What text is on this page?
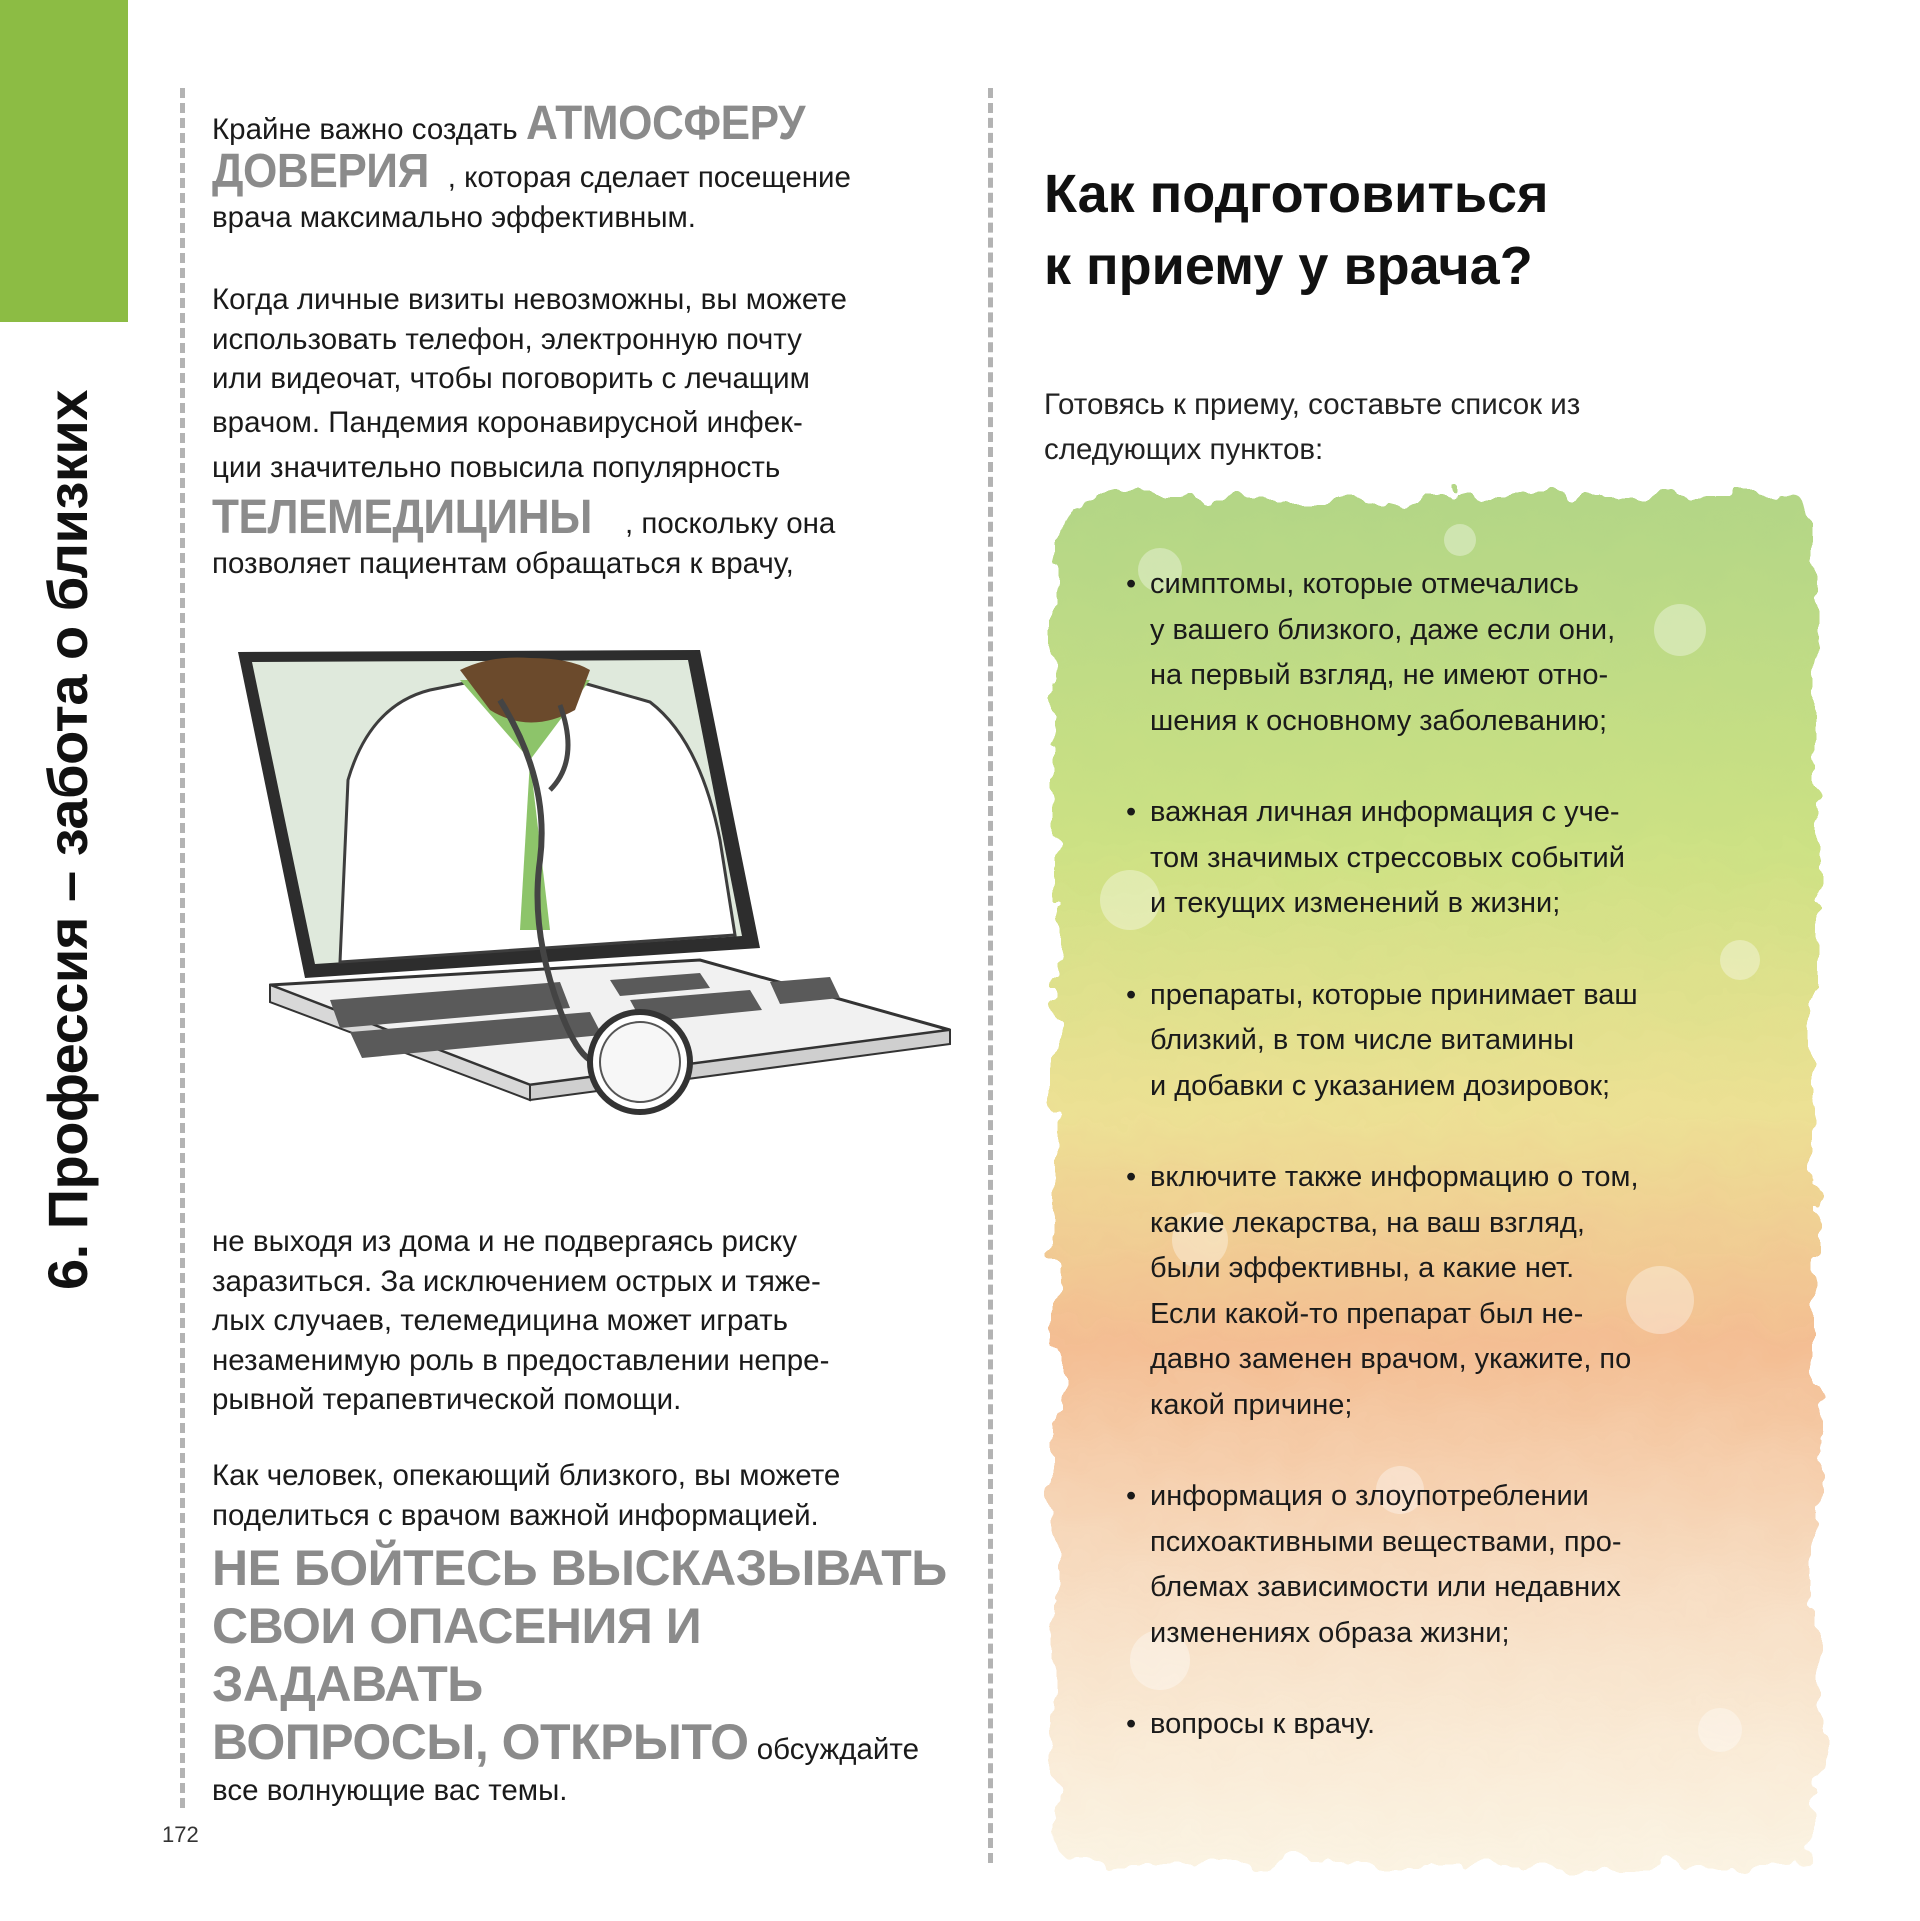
6. Профессия – забота о близких

Крайне важно создать АТМОСФЕРУ

ДОВЕРИЯ , которая сделает посещение

врача максимально эффективным.

Когда личные визиты невозможны, вы можете

использовать телефон, электронную почту

или видеочат, чтобы поговорить с лечащим

врачом. Пандемия коронавирусной инфек-

ции значительно повысила популярность

ТЕЛЕМЕДИЦИНЫ , поскольку она

позволяет пациентам обращаться к врачу,

не выходя из дома и не подвергаясь риску

заразиться. За исключением острых и тяже-

лых случаев, телемедицина может играть

незаменимую роль в предоставлении непре-

рывной терапевтической помощи.

Как человек, опекающий близкого, вы можете

поделиться с врачом важной информацией.

НЕ БОЙТЕСЬ ВЫСКАЗЫВАТЬ
СВОИ ОПАСЕНИЯ И ЗАДАВАТЬ

ВОПРОСЫ, ОТКРЫТО обсуждайте

все волнующие вас темы.

172
Как подготовиться
к приему у врача?
Готовясь к приему, составьте список из
следующих пунктов:
• симптомы, которые отмечались
у вашего близкого, даже если они,
на первый взгляд, не имеют отно-
шения к основному заболеванию;
• важная личная информация с уче-
том значимых стрессовых событий
и текущих изменений в жизни;
• препараты, которые принимает ваш
близкий, в том числе витамины
и добавки с указанием дозировок;
• включите также информацию о том,
какие лекарства, на ваш взгляд,
были эффективны, а какие нет.
Если какой-то препарат был не-
давно заменен врачом, укажите, по
какой причине;
• информация о злоупотреблении
психоактивными веществами, про-
блемах зависимости или недавних
изменениях образа жизни;
• вопросы к врачу.
